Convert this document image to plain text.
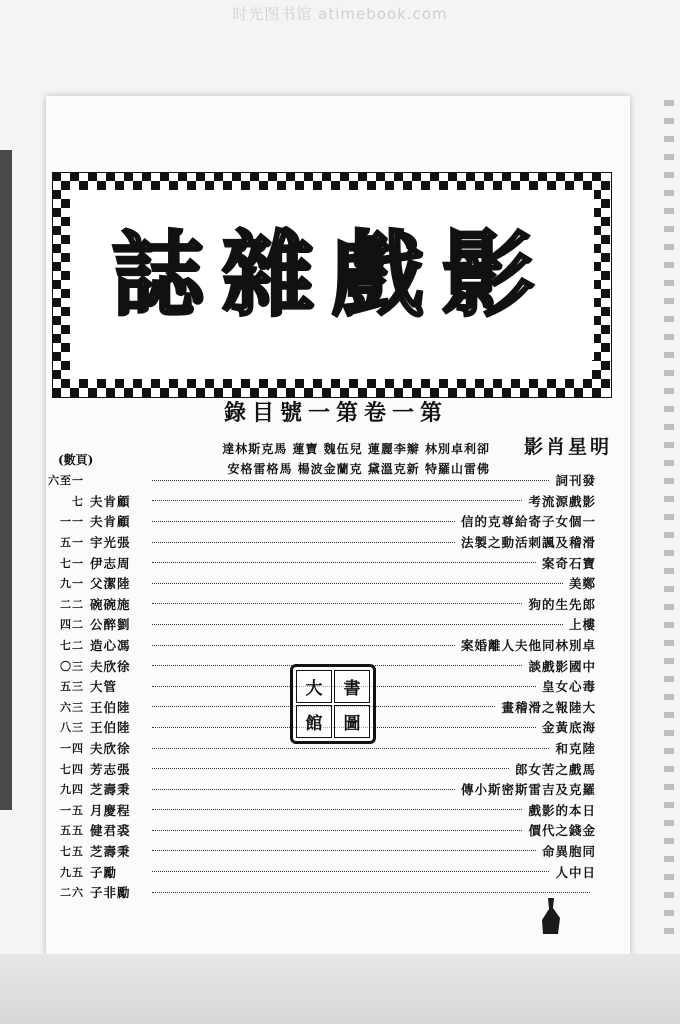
时光图书馆 atimebook.com
影戲雜誌
第一卷第一號目錄
明星肖影
卻利卓別林 辮李麗蓮 兒伍魏 寶蓮 馬克斯林達
佛雷山羅特 新克溫黛 克蘭金波楊 馬格雷格安
(數頁)
一至六	發刊詞
七 顧肯夫	影戲源流考
一一 顧肯夫	一個女子寄給尊克的信
一五 張光宇	滑稽及諷刺活動之製法
一七 周志伊	寶石奇案
一九 陸潔父	鄭美
二二 施碗碗	郎先生的狗
二四 劉醉公	樓上
二七 馮心造	卓別林同他夫人離婚案
三〇 徐欣夫	中國影戲談
三五 管大	毒心女皇
三六 陸伯王	大陸報之滑稽畫
三八 陸伯王	海底黃金
四一 徐欣夫	陸克和
四七 張志芳	馬戲之苦女郎
四九 秉壽芝	羅克及吉雷斯密斯小傳
五一 程慶月	日本的影戲
五五 裘君健	金錢之代價
五七 秉壽芝	同胞異命
五九 勵子	日中人
六二 勵非子
大	書
館	圖
